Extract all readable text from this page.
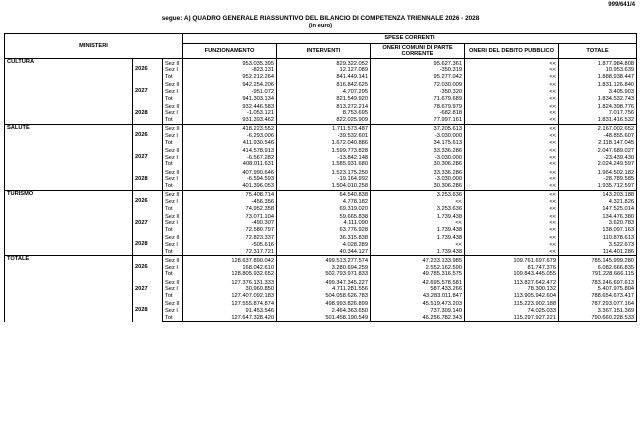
999/641/4
segue: A) QUADRO GENERALE RIASSUNTIVO DEL BILANCIO DI COMPETENZA TRIENNALE 2026 - 2028
(in euro)
MINISTERI			SPESE CORRENTI				
			FUNZIONAMENTO	INTERVENTI	ONERI COMUNI DI PARTE CORRENTE	ONERI DEL DEBITO PUBBLICO	TOTALE
CULTURA	2026	Sez II	953.035.395	829.322.052	95.627.361	<<	1.877.984.808
		Sez I	-823.131	12.127.089	-350.319	<<	10.953.639
		Tot	952.212.264	841.449.141	95.277.042	<<	1.888.938.447
	2027	Sez II	942.254.206	816.842.625	72.030.009	<<	1.831.126.840
		Sez I	-951.072	4.707.295	-350.320	<<	3.405.903
		Tot	941.303.134	821.549.920	71.679.689	<<	1.834.532.743
	2028	Sez II	932.446.583	813.272.214	78.679.979	<<	1.824.398.776
		Sez I	-1.053.121	8.753.695	-682.818	<<	7.017.756
		Tot	931.393.462	822.025.909	77.997.161	<<	1.831.416.532
SALUTE	2026	Sez II	418.223.552	1.711.573.487	37.205.613	<<	2.167.002.652
		Sez I	-6.293.006	-39.532.601	-3.030.000	<<	-48.855.607
		Tot	411.930.546	1.672.040.886	34.175.613	<<	2.118.147.045
	2027	Sez II	414.578.913	1.599.773.828	33.336.286	<<	2.047.689.027
		Sez I	-6.567.282	-13.842.148	-3.030.000	<<	-23.439.430
		Tot	408.011.631	1.585.931.680	30.306.286	<<	2.024.249.597
	2028	Sez II	407.990.646	1.523.175.250	33.336.286	<<	1.964.502.182
		Sez I	-6.594.593	-19.164.992	-3.030.000	<<	-28.789.585
		Tot	401.396.053	1.504.010.258	30.306.286	<<	1.935.712.597
TURISMO	2026	Sez II	75.408.714	64.540.838	3.253.636	<<	143.203.188
		Sez I	-456.356	4.778.182	<<	<<	4.321.826
		Tot	74.952.358	69.319.020	3.253.636	<<	147.525.014
	2027	Sez II	73.071.104	59.665.838	1.739.438	<<	134.476.380
		Sez I	-490.307	4.111.090	<<	<<	3.620.783
		Tot	72.580.797	63.776.928	1.739.438	<<	138.097.163
	2028	Sez II	72.823.337	36.315.838	1.739.438	<<	110.878.613
		Sez I	-505.616	4.028.289	<<	<<	3.522.673
		Tot	72.317.721	40.344.127	1.739.438	<<	114.401.286
TOTALE	2026	Sez II	128.637.890.042	499.513.277.574	47.233.133.985	109.761.697.679	785.145.999.280
		Sez I	168.042.610	3.280.694.259	2.552.162.590	81.747.376	6.082.666.835
		Tot	128.805.932.652	502.793.971.833	49.785.316.575	109.843.445.055	791.228.666.115
	2027	Sez II	127.376.131.333	499.347.345.227	42.695.578.581	113.827.642.472	783.246.697.613
		Sez I	30.960.850	4.711.281.556	587.433.266	78.300.132	5.407.975.804
		Tot	127.407.092.183	504.058.626.783	43.283.011.847	113.905.942.604	788.654.673.417
	2028	Sez II	127.555.874.874	498.993.826.899	45.519.473.203	115.223.902.188	787.293.077.164
		Sez I	91.453.546	2.464.363.650	737.309.140	74.025.033	3.367.151.369
		Tot	127.647.328.420	501.458.190.549	46.256.782.343	115.297.927.221	790.660.228.533
